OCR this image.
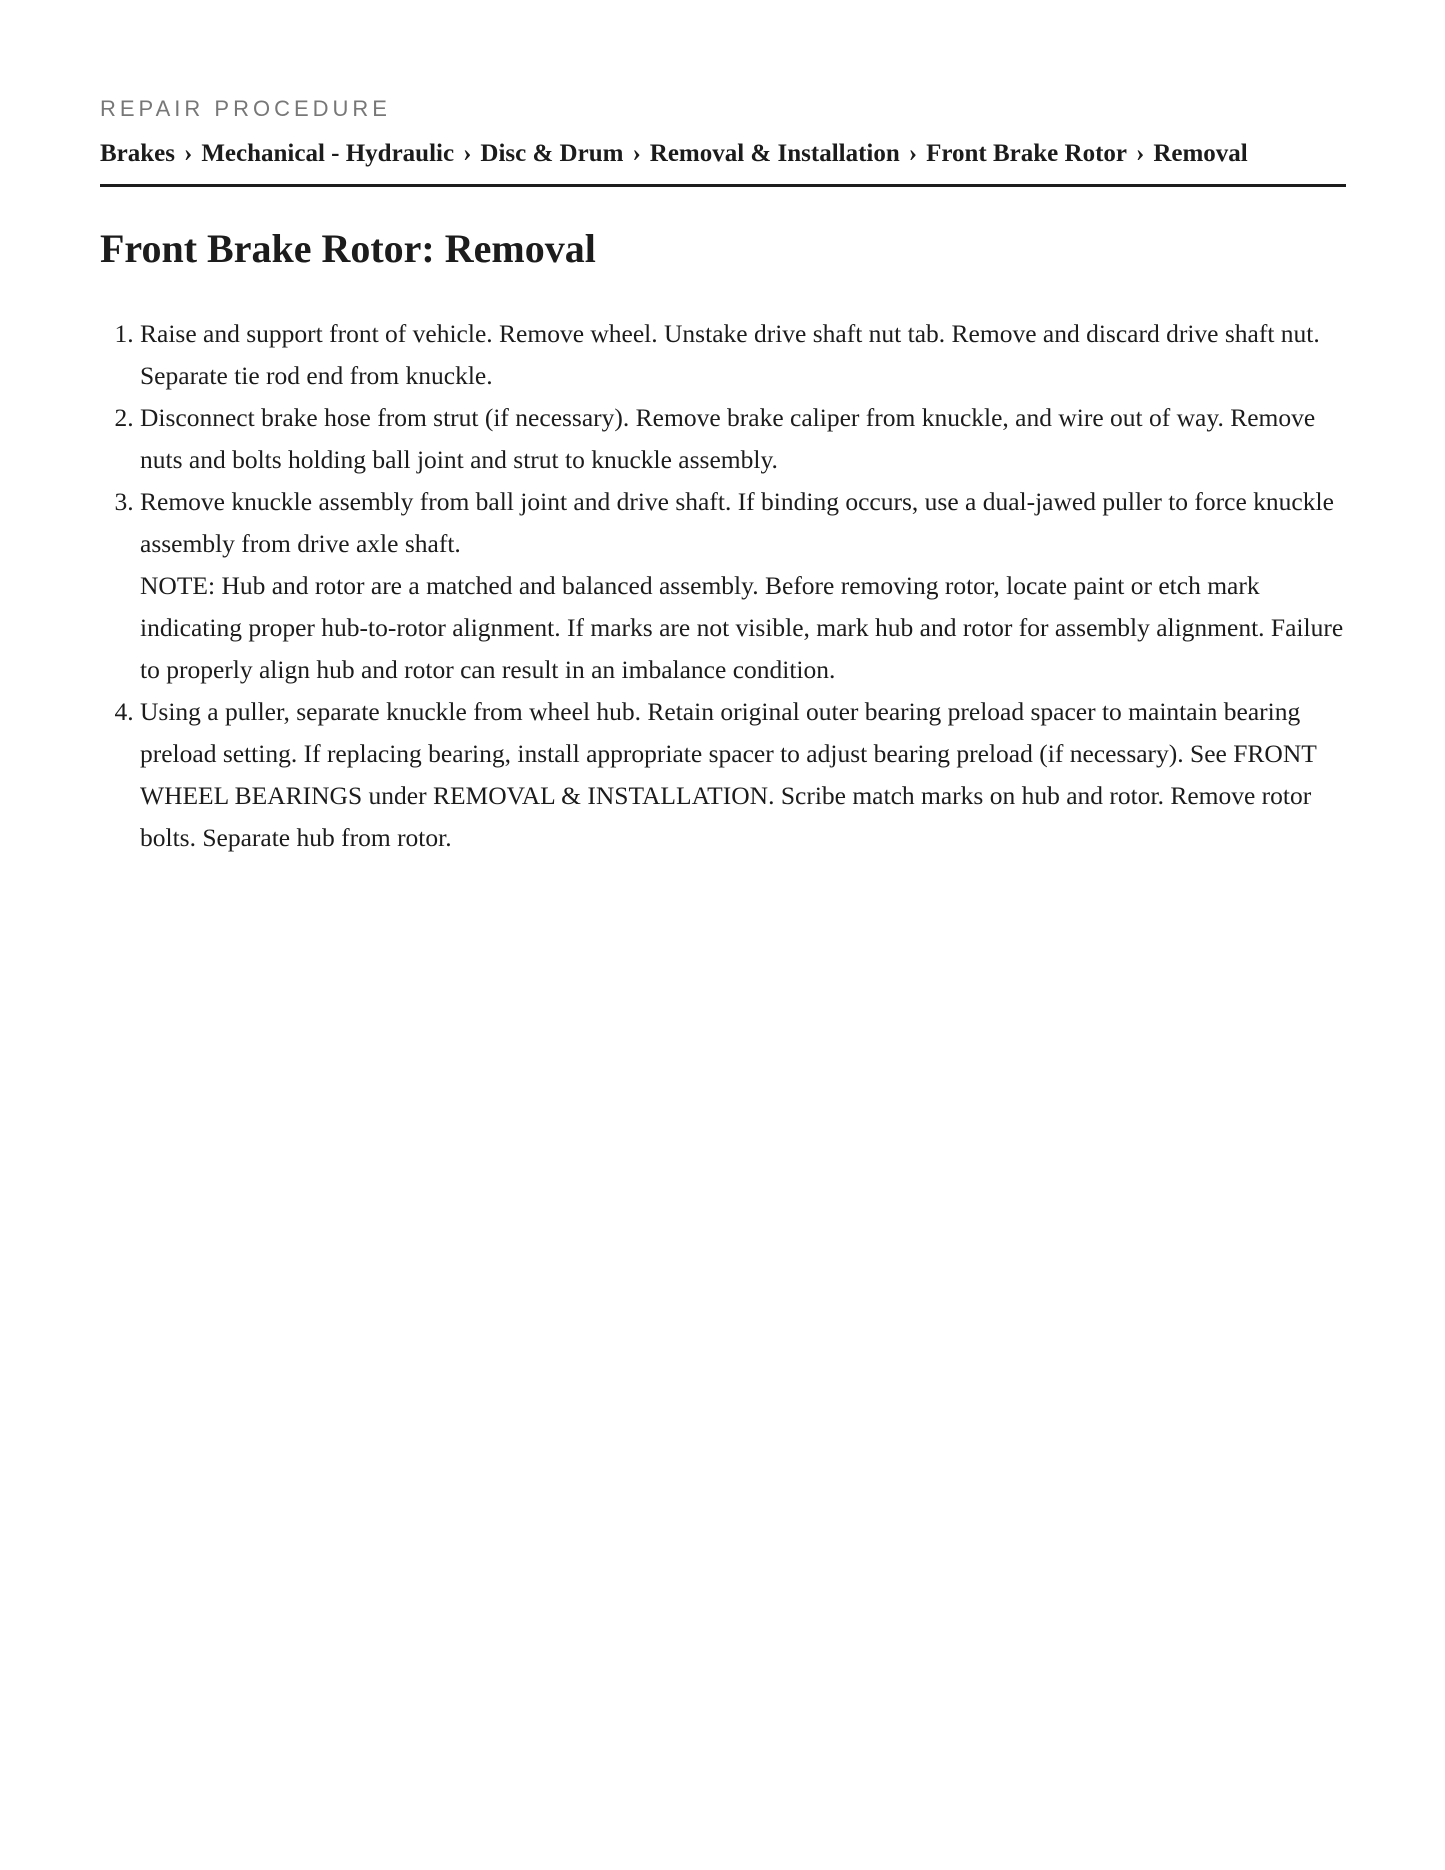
REPAIR PROCEDURE

Brakes › Mechanical - Hydraulic › Disc & Drum › Removal & Installation › Front Brake Rotor › Removal
Front Brake Rotor: Removal
1. Raise and support front of vehicle. Remove wheel. Unstake drive shaft nut tab. Remove and discard drive shaft nut. Separate tie rod end from knuckle.
2. Disconnect brake hose from strut (if necessary). Remove brake caliper from knuckle, and wire out of way. Remove nuts and bolts holding ball joint and strut to knuckle assembly.
3. Remove knuckle assembly from ball joint and drive shaft. If binding occurs, use a dual-jawed puller to force knuckle assembly from drive axle shaft.
NOTE: Hub and rotor are a matched and balanced assembly. Before removing rotor, locate paint or etch mark indicating proper hub-to-rotor alignment. If marks are not visible, mark hub and rotor for assembly alignment. Failure to properly align hub and rotor can result in an imbalance condition.
4. Using a puller, separate knuckle from wheel hub. Retain original outer bearing preload spacer to maintain bearing preload setting. If replacing bearing, install appropriate spacer to adjust bearing preload (if necessary). See FRONT WHEEL BEARINGS under REMOVAL & INSTALLATION. Scribe match marks on hub and rotor. Remove rotor bolts. Separate hub from rotor.
